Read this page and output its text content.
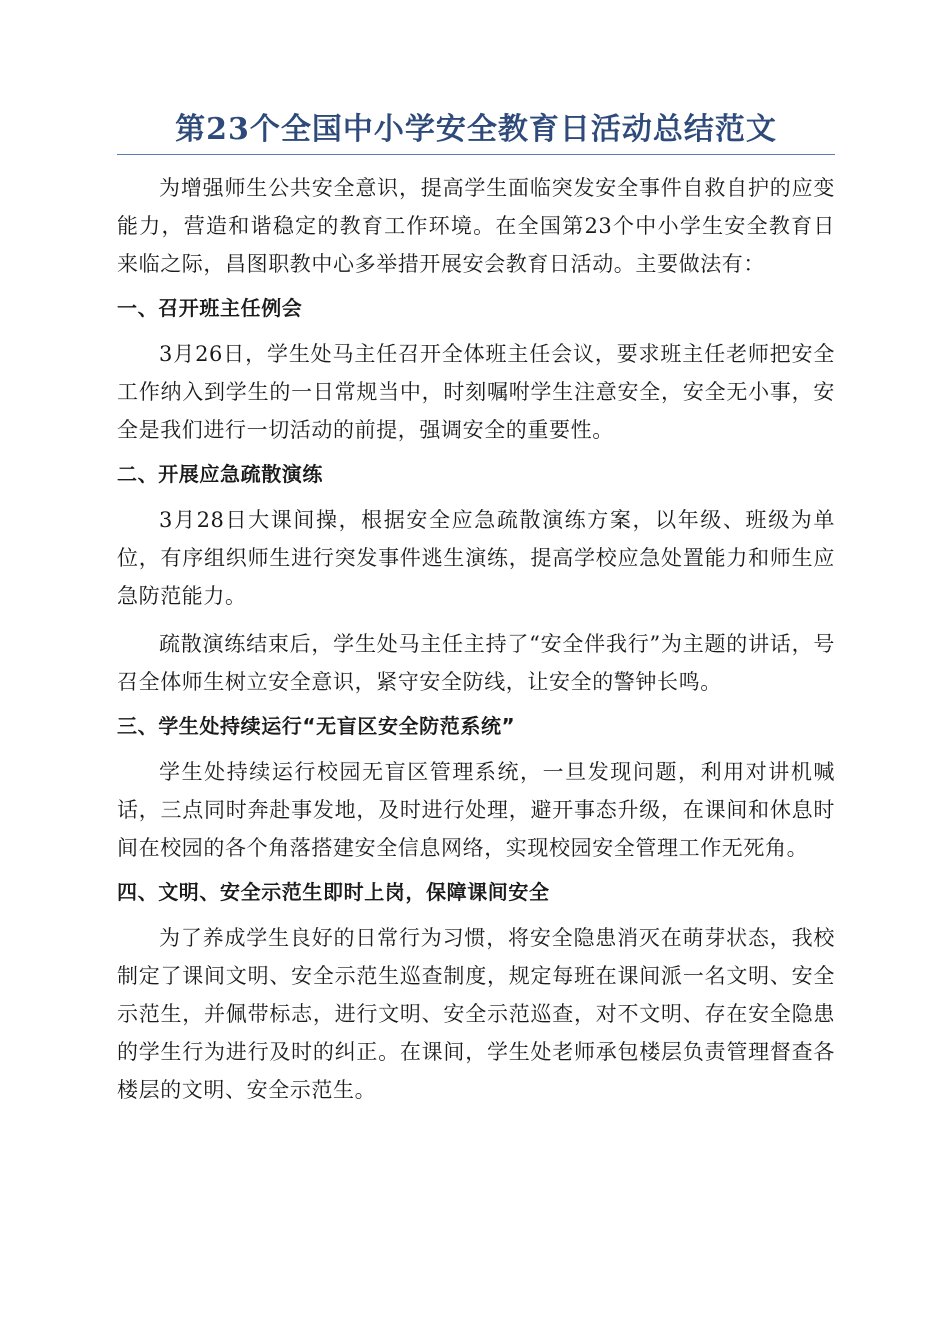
第23个全国中小学安全教育日活动总结范文

为增强师生公共安全意识，提高学生面临突发安全事件自救自护的应变能力，营造和谐稳定的教育工作环境。在全国第23个中小学生安全教育日来临之际，昌图职教中心多举措开展安会教育日活动。主要做法有：

一、召开班主任例会

3月26日，学生处马主任召开全体班主任会议，要求班主任老师把安全工作纳入到学生的一日常规当中，时刻嘱咐学生注意安全，安全无小事，安全是我们进行一切活动的前提，强调安全的重要性。

二、开展应急疏散演练

3月28日大课间操，根据安全应急疏散演练方案，以年级、班级为单位，有序组织师生进行突发事件逃生演练，提高学校应急处置能力和师生应急防范能力。

疏散演练结束后，学生处马主任主持了“安全伴我行”为主题的讲话，号召全体师生树立安全意识，紧守安全防线，让安全的警钟长鸣。

三、学生处持续运行“无盲区安全防范系统”

学生处持续运行校园无盲区管理系统，一旦发现问题，利用对讲机喊话，三点同时奔赴事发地，及时进行处理，避开事态升级，在课间和休息时间在校园的各个角落搭建安全信息网络，实现校园安全管理工作无死角。

四、文明、安全示范生即时上岗，保障课间安全

为了养成学生良好的日常行为习惯，将安全隐患消灭在萌芽状态，我校制定了课间文明、安全示范生巡查制度，规定每班在课间派一名文明、安全示范生，并佩带标志，进行文明、安全示范巡查，对不文明、存在安全隐患的学生行为进行及时的纠正。在课间，学生处老师承包楼层负责管理督查各楼层的文明、安全示范生。
